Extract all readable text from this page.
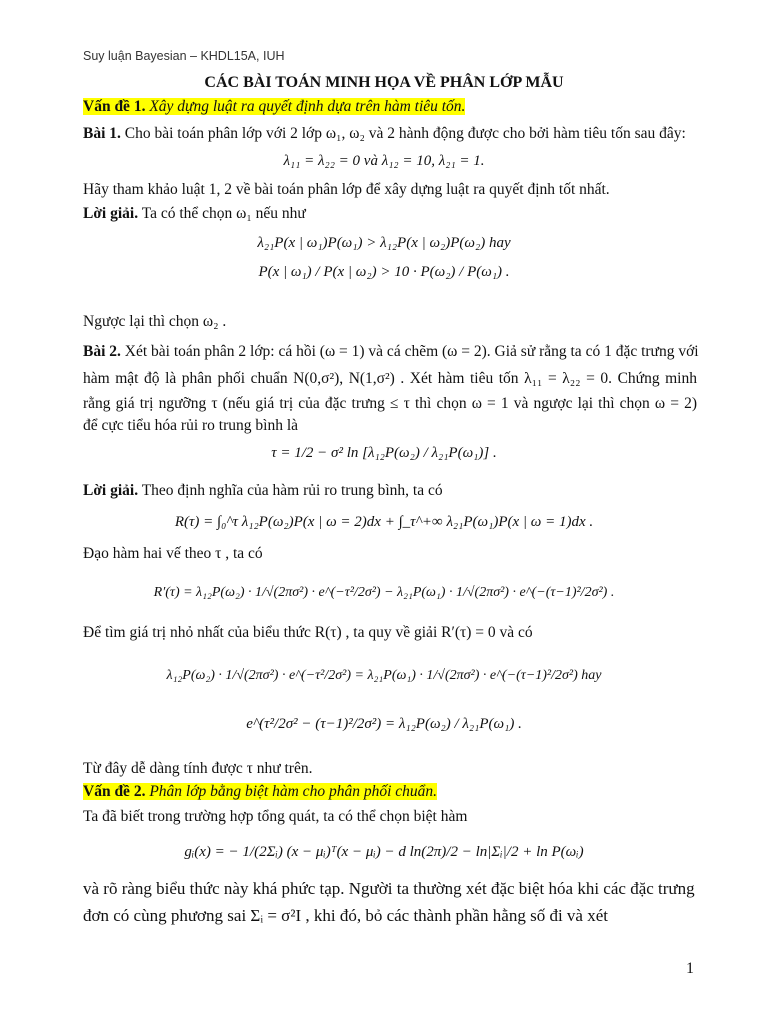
Suy luận Bayesian – KHDL15A, IUH
CÁC BÀI TOÁN MINH HỌA VỀ PHÂN LỚP MẪU
Vấn đề 1. Xây dựng luật ra quyết định dựa trên hàm tiêu tốn.
Bài 1. Cho bài toán phân lớp với 2 lớp ω₁, ω₂ và 2 hành động được cho bởi hàm tiêu tốn sau đây:
λ₁₁ = λ₂₂ = 0 và λ₁₂ = 10, λ₂₁ = 1.
Hãy tham khảo luật 1, 2 về bài toán phân lớp để xây dựng luật ra quyết định tốt nhất.
Lời giải. Ta có thể chọn ω₁ nếu như
λ₂₁P(x | ω₁)P(ω₁) > λ₁₂P(x | ω₂)P(ω₂) hay
P(x | ω₁) / P(x | ω₂) > 10 · P(ω₂) / P(ω₁) .
Ngược lại thì chọn ω₂ .
Bài 2. Xét bài toán phân 2 lớp: cá hồi (ω = 1) và cá chẽm (ω = 2). Giả sử rằng ta có 1 đặc trưng với
hàm mật độ là phân phối chuẩn N(0,σ²), N(1,σ²) . Xét hàm tiêu tốn λ₁₁ = λ₂₂ = 0. Chứng minh
rằng giá trị ngưỡng τ (nếu giá trị của đặc trưng ≤ τ thì chọn ω = 1 và ngược lại thì chọn ω = 2)
để cực tiểu hóa rủi ro trung bình là
τ = 1/2 − σ² ln [λ₁₂P(ω₂) / λ₂₁P(ω₁)] .
Lời giải. Theo định nghĩa của hàm rủi ro trung bình, ta có
R(τ) = ∫₀^τ λ₁₂P(ω₂)P(x | ω = 2)dx + ∫_τ^+∞ λ₂₁P(ω₁)P(x | ω = 1)dx .
Đạo hàm hai vế theo τ , ta có
R′(τ) = λ₁₂P(ω₂) · 1/√(2πσ²) · e^(−τ²/2σ²) − λ₂₁P(ω₁) · 1/√(2πσ²) · e^(−(τ−1)²/2σ²) .
Để tìm giá trị nhỏ nhất của biểu thức R(τ) , ta quy về giải R′(τ) = 0 và có
λ₁₂P(ω₂) · 1/√(2πσ²) · e^(−τ²/2σ²) = λ₂₁P(ω₁) · 1/√(2πσ²) · e^(−(τ−1)²/2σ²) hay
e^(τ²/2σ² − (τ−1)²/2σ²) = λ₁₂P(ω₂) / λ₂₁P(ω₁) .
Từ đây dễ dàng tính được τ như trên.
Vấn đề 2. Phân lớp bằng biệt hàm cho phân phối chuẩn.
Ta đã biết trong trường hợp tổng quát, ta có thể chọn biệt hàm
gᵢ(x) = − 1/(2Σᵢ) (x − μᵢ)ᵀ(x − μᵢ) − d ln(2π)/2 − ln|Σᵢ|/2 + ln P(ωᵢ)
và rõ ràng biểu thức này khá phức tạp. Người ta thường xét đặc biệt hóa khi các đặc trưng
đơn có cùng phương sai Σᵢ = σ²I , khi đó, bỏ các thành phần hằng số đi và xét
1
